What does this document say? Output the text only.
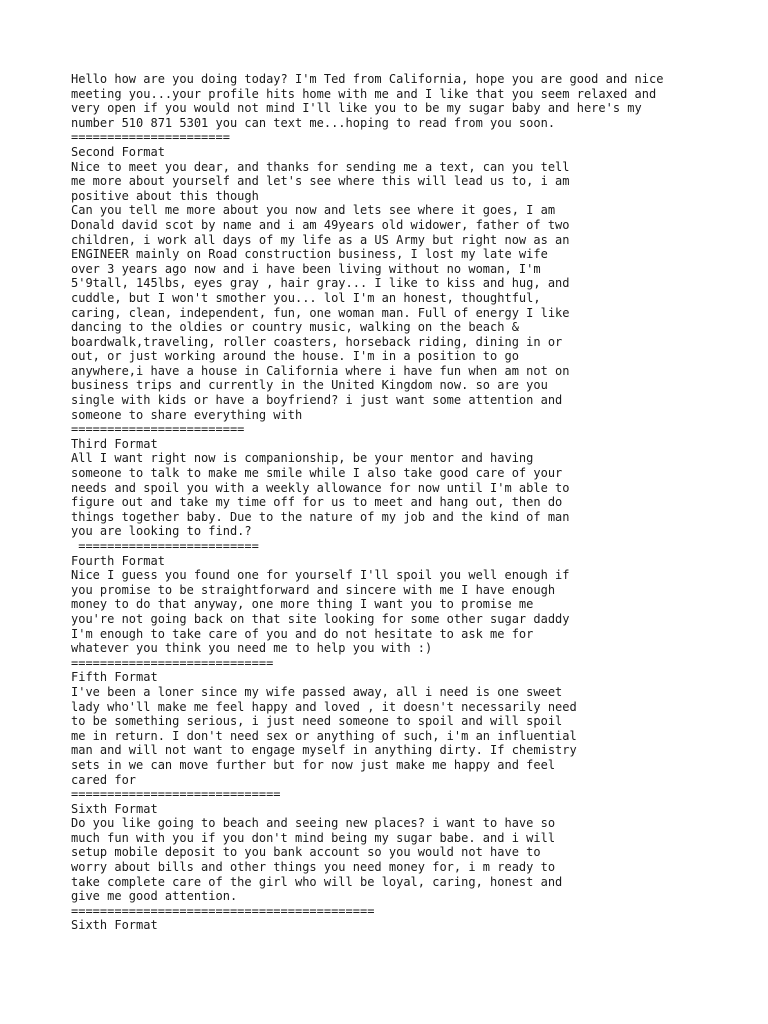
Hello how are you doing today? I'm Ted from California, hope you are good and nice
meeting you...your profile hits home with me and I like that you seem relaxed and
very open if you would not mind I'll like you to be my sugar baby and here's my
number 510 871 5301 you can text me...hoping to read from you soon.
======================
Second Format
Nice to meet you dear, and thanks for sending me a text, can you tell
me more about yourself and let's see where this will lead us to, i am
positive about this though
Can you tell me more about you now and lets see where it goes, I am
Donald david scot by name and i am 49years old widower, father of two
children, i work all days of my life as a US Army but right now as an
ENGINEER mainly on Road construction business, I lost my late wife
over 3 years ago now and i have been living without no woman, I'm
5'9tall, 145lbs, eyes gray , hair gray... I like to kiss and hug, and
cuddle, but I won't smother you... lol I'm an honest, thoughtful,
caring, clean, independent, fun, one woman man. Full of energy I like
dancing to the oldies or country music, walking on the beach &
boardwalk,traveling, roller coasters, horseback riding, dining in or
out, or just working around the house. I'm in a position to go
anywhere,i have a house in California where i have fun when am not on
business trips and currently in the United Kingdom now. so are you
single with kids or have a boyfriend? i just want some attention and
someone to share everything with
========================
Third Format
All I want right now is companionship, be your mentor and having
someone to talk to make me smile while I also take good care of your
needs and spoil you with a weekly allowance for now until I'm able to
figure out and take my time off for us to meet and hang out, then do
things together baby. Due to the nature of my job and the kind of man
you are looking to find.?
=========================
Fourth Format
Nice I guess you found one for yourself I'll spoil you well enough if
you promise to be straightforward and sincere with me I have enough
money to do that anyway, one more thing I want you to promise me
you're not going back on that site looking for some other sugar daddy
I'm enough to take care of you and do not hesitate to ask me for
whatever you think you need me to help you with :)
============================
Fifth Format
I've been a loner since my wife passed away, all i need is one sweet
lady who'll make me feel happy and loved , it doesn't necessarily need
to be something serious, i just need someone to spoil and will spoil
me in return. I don't need sex or anything of such, i'm an influential
man and will not want to engage myself in anything dirty. If chemistry
sets in we can move further but for now just make me happy and feel
cared for
=============================
Sixth Format
Do you like going to beach and seeing new places? i want to have so
much fun with you if you don't mind being my sugar babe. and i will
setup mobile deposit to you bank account so you would not have to
worry about bills and other things you need money for, i m ready to
take complete care of the girl who will be loyal, caring, honest and
give me good attention.
==========================================
Sixth Format
